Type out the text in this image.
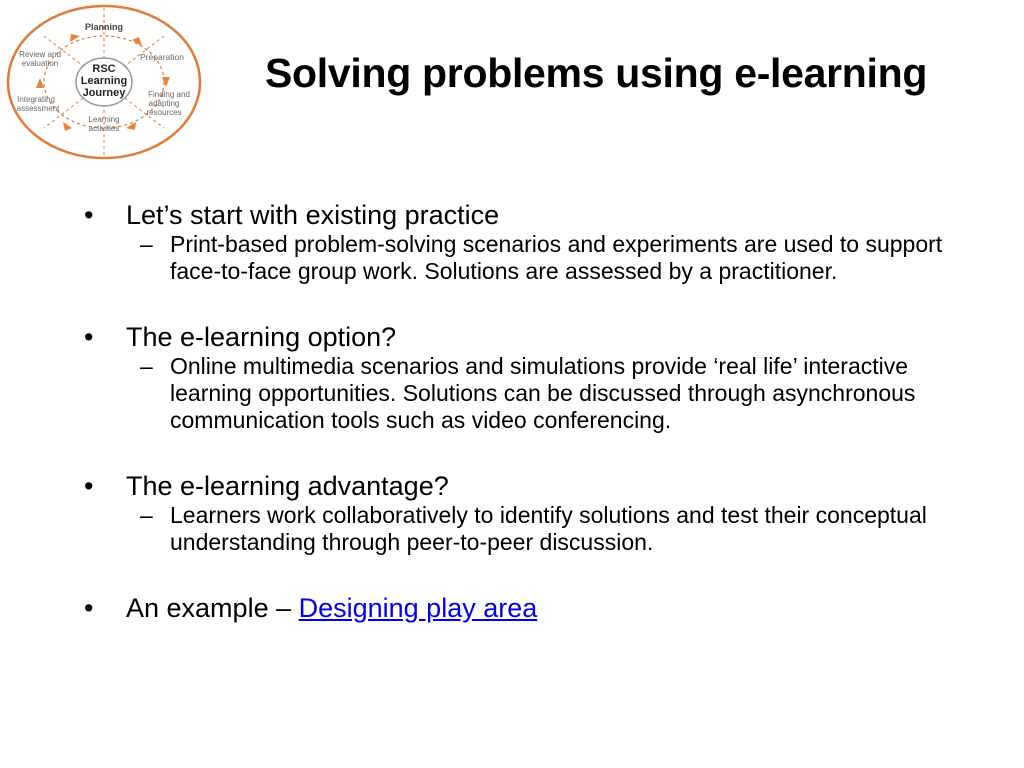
RSC
Learning
Journey
Planning
Preparation
Finding and
adapting
resources
Learning
activities
Integrating
assessment
Review and
evaluation	Solving problems using e-learning
• Let’s start with existing practice
– Print-based problem-solving scenarios and experiments are used to support face-to-face group work. Solutions are assessed by a practitioner.
• The e-learning option?
– Online multimedia scenarios and simulations provide ‘real life’ interactive learning opportunities. Solutions can be discussed through asynchronous communication tools such as video conferencing.
• The e-learning advantage?
– Learners work collaboratively to identify solutions and test their conceptual understanding through peer-to-peer discussion.
• An example – Designing play area
